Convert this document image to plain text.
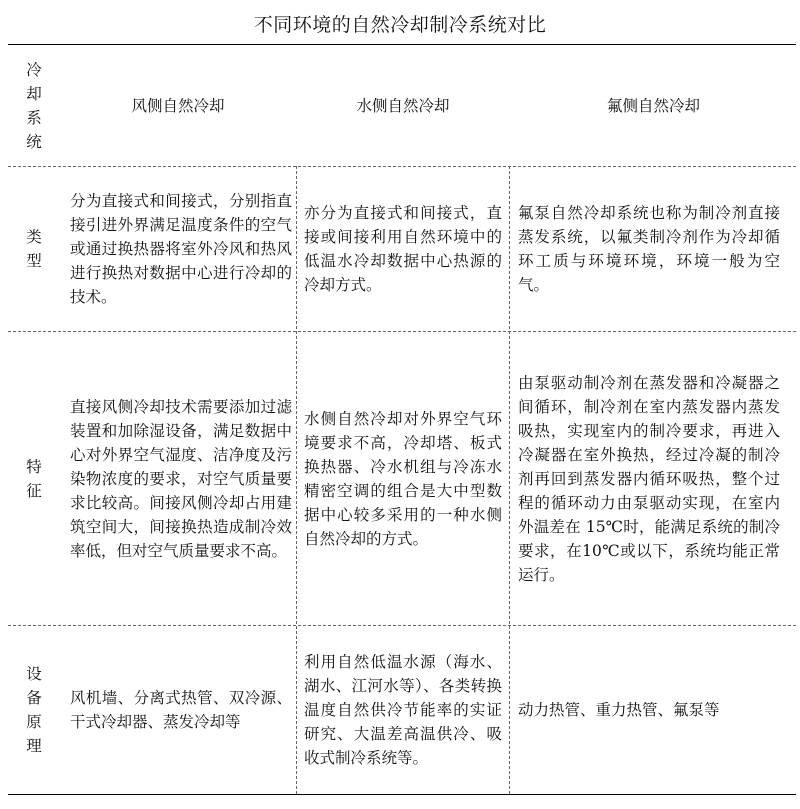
不同环境的自然冷却制冷系统对比
冷却系统
风侧自然冷却	水侧自然冷却	氟侧自然冷却
类型
分为直接式和间接式，分别指直接引进外界满足温度条件的空气或通过换热器将室外冷风和热风进行换热对数据中心进行冷却的技术。
亦分为直接式和间接式，直接或间接利用自然环境中的低温水冷却数据中心热源的冷却方式。
氟泵自然冷却系统也称为制冷剂直接蒸发系统，以氟类制冷剂作为冷却循环工质与环境环境，环境一般为空气。
特征
直接风侧冷却技术需要添加过滤装置和加除湿设备，满足数据中心对外界空气湿度、洁净度及污染物浓度的要求，对空气质量要求比较高。间接风侧冷却占用建筑空间大，间接换热造成制冷效率低，但对空气质量要求不高。
水侧自然冷却对外界空气环境要求不高，冷却塔、板式换热器、冷水机组与冷冻水精密空调的组合是大中型数据中心较多采用的一种水侧自然冷却的方式。
由泵驱动制冷剂在蒸发器和冷凝器之间循环，制冷剂在室内蒸发器内蒸发吸热，实现室内的制冷要求，再进入冷凝器在室外换热，经过冷凝的制冷剂再回到蒸发器内循环吸热，整个过程的循环动力由泵驱动实现，在室内外温差在 15℃时，能满足系统的制冷要求，在10℃或以下，系统均能正常运行。
设备原理
风机墙、分离式热管、双冷源、干式冷却器、蒸发冷却等
利用自然低温水源（海水、湖水、江河水等）、各类转换温度自然供冷节能率的实证研究、大温差高温供冷、吸收式制冷系统等。
动力热管、重力热管、氟泵等
